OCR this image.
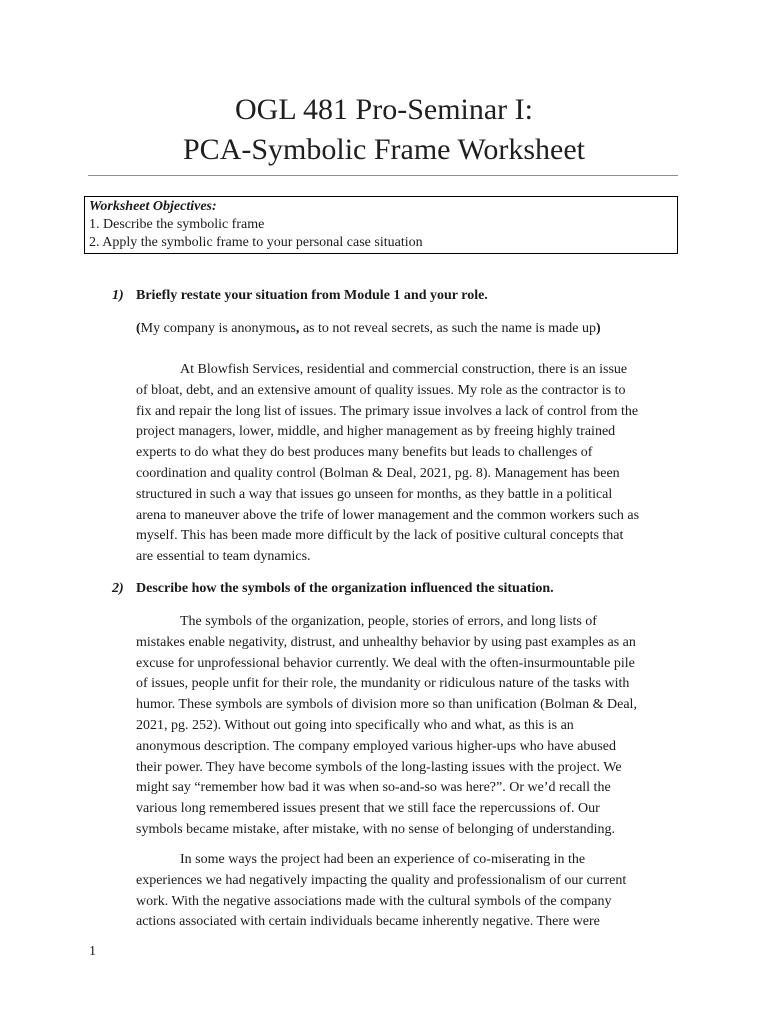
OGL 481 Pro-Seminar I:
PCA-Symbolic Frame Worksheet
Worksheet Objectives:
1. Describe the symbolic frame
2. Apply the symbolic frame to your personal case situation
1) Briefly restate your situation from Module 1 and your role.
(My company is anonymous, as to not reveal secrets, as such the name is made up)
At Blowfish Services, residential and commercial construction, there is an issue
of bloat, debt, and an extensive amount of quality issues. My role as the contractor is to
fix and repair the long list of issues. The primary issue involves a lack of control from the
project managers, lower, middle, and higher management as by freeing highly trained
experts to do what they do best produces many benefits but leads to challenges of
coordination and quality control (Bolman & Deal, 2021, pg. 8). Management has been
structured in such a way that issues go unseen for months, as they battle in a political
arena to maneuver above the trife of lower management and the common workers such as
myself. This has been made more difficult by the lack of positive cultural concepts that
are essential to team dynamics.
2) Describe how the symbols of the organization influenced the situation.
The symbols of the organization, people, stories of errors, and long lists of
mistakes enable negativity, distrust, and unhealthy behavior by using past examples as an
excuse for unprofessional behavior currently. We deal with the often-insurmountable pile
of issues, people unfit for their role, the mundanity or ridiculous nature of the tasks with
humor. These symbols are symbols of division more so than unification (Bolman & Deal,
2021, pg. 252). Without out going into specifically who and what, as this is an
anonymous description. The company employed various higher-ups who have abused
their power. They have become symbols of the long-lasting issues with the project. We
might say “remember how bad it was when so-and-so was here?”. Or we’d recall the
various long remembered issues present that we still face the repercussions of. Our
symbols became mistake, after mistake, with no sense of belonging of understanding.
In some ways the project had been an experience of co-miserating in the
experiences we had negatively impacting the quality and professionalism of our current
work. With the negative associations made with the cultural symbols of the company
actions associated with certain individuals became inherently negative. There were
1
